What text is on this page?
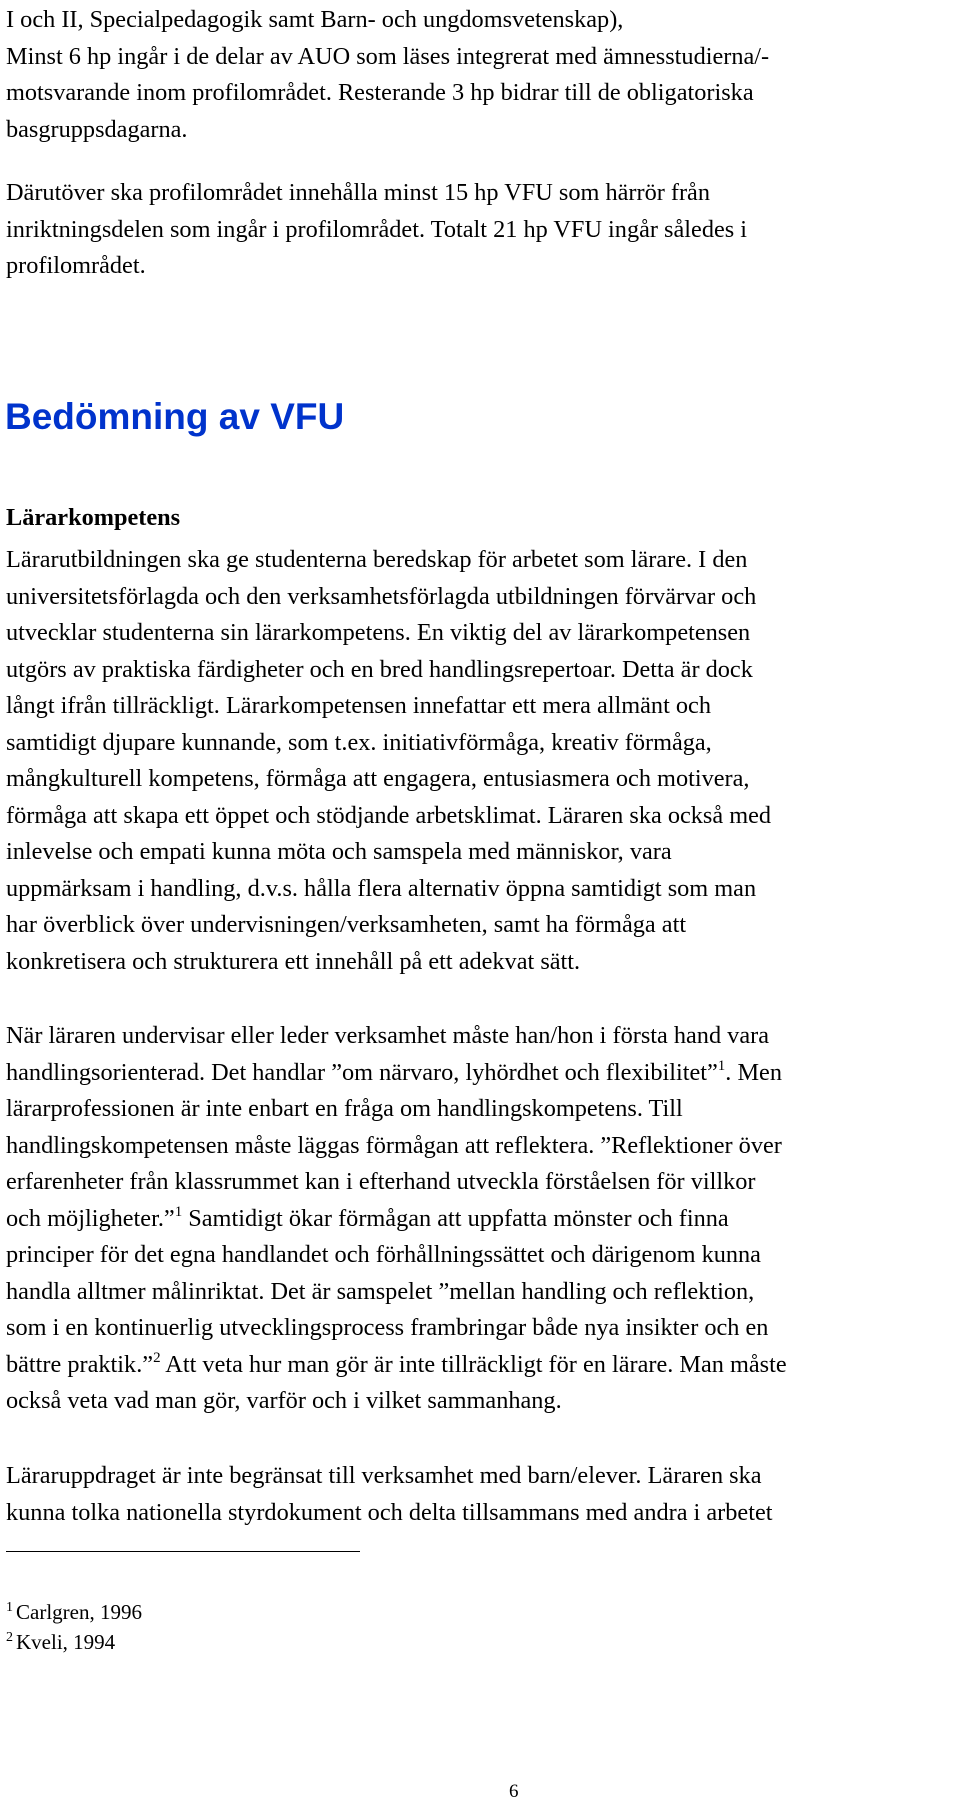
I och II, Specialpedagogik samt Barn- och ungdomsvetenskap),
Minst 6 hp ingår i de delar av AUO som läses integrerat med ämnesstudierna/-
motsvarande inom profilområdet. Resterande 3 hp bidrar till de obligatoriska
basgruppsdagarna.
Därutöver ska profilområdet innehålla minst 15 hp VFU som härrör från
inriktningsdelen som ingår i profilområdet. Totalt 21 hp VFU ingår således i
profilområdet.
Bedömning av VFU
Lärarkompetens
Lärarutbildningen ska ge studenterna beredskap för arbetet som lärare. I den
universitetsförlagda och den verksamhetsförlagda utbildningen förvärvar och
utvecklar studenterna sin lärarkompetens. En viktig del av lärarkompetensen
utgörs av praktiska färdigheter och en bred handlingsrepertoar. Detta är dock
långt ifrån tillräckligt. Lärarkompetensen innefattar ett mera allmänt och
samtidigt djupare kunnande, som t.ex. initiativförmåga, kreativ förmåga,
mångkulturell kompetens, förmåga att engagera, entusiasmera och motivera,
förmåga att skapa ett öppet och stödjande arbetsklimat. Läraren ska också med
inlevelse och empati kunna möta och samspela med människor, vara
uppmärksam i handling, d.v.s. hålla flera alternativ öppna samtidigt som man
har överblick över undervisningen/verksamheten, samt ha förmåga att
konkretisera och strukturera ett innehåll på ett adekvat sätt.
När läraren undervisar eller leder verksamhet måste han/hon i första hand vara
handlingsorienterad. Det handlar ”om närvaro, lyhördhet och flexibilitet”$^1$. Men
lärarprofessionen är inte enbart en fråga om handlingskompetens. Till
handlingskompetensen måste läggas förmågan att reflektera. ”Reflektioner över
erfarenheter från klassrummet kan i efterhand utveckla förståelsen för villkor
och möjligheter.”$^1$ Samtidigt ökar förmågan att uppfatta mönster och finna
principer för det egna handlandet och förhållningssättet och därigenom kunna
handla alltmer målinriktat. Det är samspelet ”mellan handling och reflektion,
som i en kontinuerlig utvecklingsprocess frambringar både nya insikter och en
bättre praktik.”$^2$ Att veta hur man gör är inte tillräckligt för en lärare. Man måste
också veta vad man gör, varför och i vilket sammanhang.
Läraruppdraget är inte begränsat till verksamhet med barn/elever. Läraren ska
kunna tolka nationella styrdokument och delta tillsammans med andra i arbetet
$^1$ Carlgren, 1996
$^2$ Kveli, 1994
6
